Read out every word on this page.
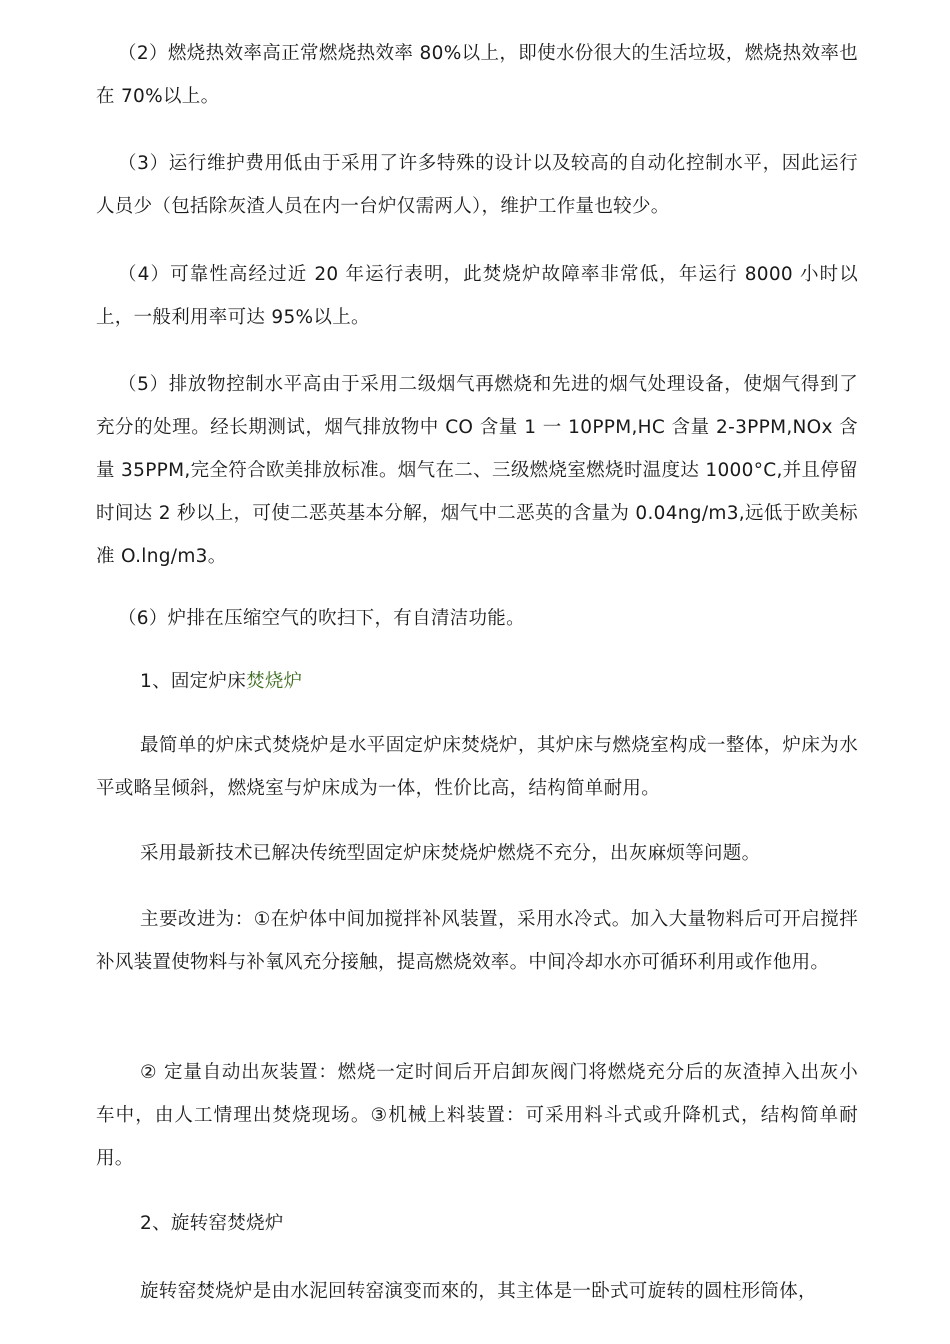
（2）燃烧热效率高正常燃烧热效率 80%以上，即使水份很大的生活垃圾，燃烧热效率也在 70%以上。

（3）运行维护费用低由于采用了许多特殊的设计以及较高的自动化控制水平，因此运行人员少（包括除灰渣人员在内一台炉仅需两人），维护工作量也较少。

（4）可靠性高经过近 20 年运行表明，此焚烧炉故障率非常低，年运行 8000 小时以上，一般利用率可达 95%以上。

（5）排放物控制水平高由于采用二级烟气再燃烧和先进的烟气处理设备，使烟气得到了充分的处理。经长期测试，烟气排放物中 CO 含量 1 一 10PPM,HC 含量 2-3PPM,NOx 含量 35PPM,完全符合欧美排放标准。烟气在二、三级燃烧室燃烧时温度达 1000°C,并且停留时间达 2 秒以上，可使二恶英基本分解，烟气中二恶英的含量为 0.04ng/m3,远低于欧美标准 O.lng/m3。

（6）炉排在压缩空气的吹扫下，有自清洁功能。

1、固定炉床焚烧炉

最简单的炉床式焚烧炉是水平固定炉床焚烧炉，其炉床与燃烧室构成一整体，炉床为水平或略呈倾斜，燃烧室与炉床成为一体，性价比高，结构简单耐用。

采用最新技术已解决传统型固定炉床焚烧炉燃烧不充分，出灰麻烦等问题。

主要改进为：①在炉体中间加搅拌补风装置，采用水冷式。加入大量物料后可开启搅拌补风装置使物料与补氧风充分接触，提高燃烧效率。中间冷却水亦可循环利用或作他用。

② 定量自动出灰装置：燃烧一定时间后开启卸灰阀门将燃烧充分后的灰渣掉入出灰小车中，由人工情理出焚烧现场。③机械上料装置：可采用料斗式或升降机式，结构简单耐用。

2、旋转窑焚烧炉

旋转窑焚烧炉是由水泥回转窑演变而來的，其主体是一卧式可旋转的圆柱形筒体，
